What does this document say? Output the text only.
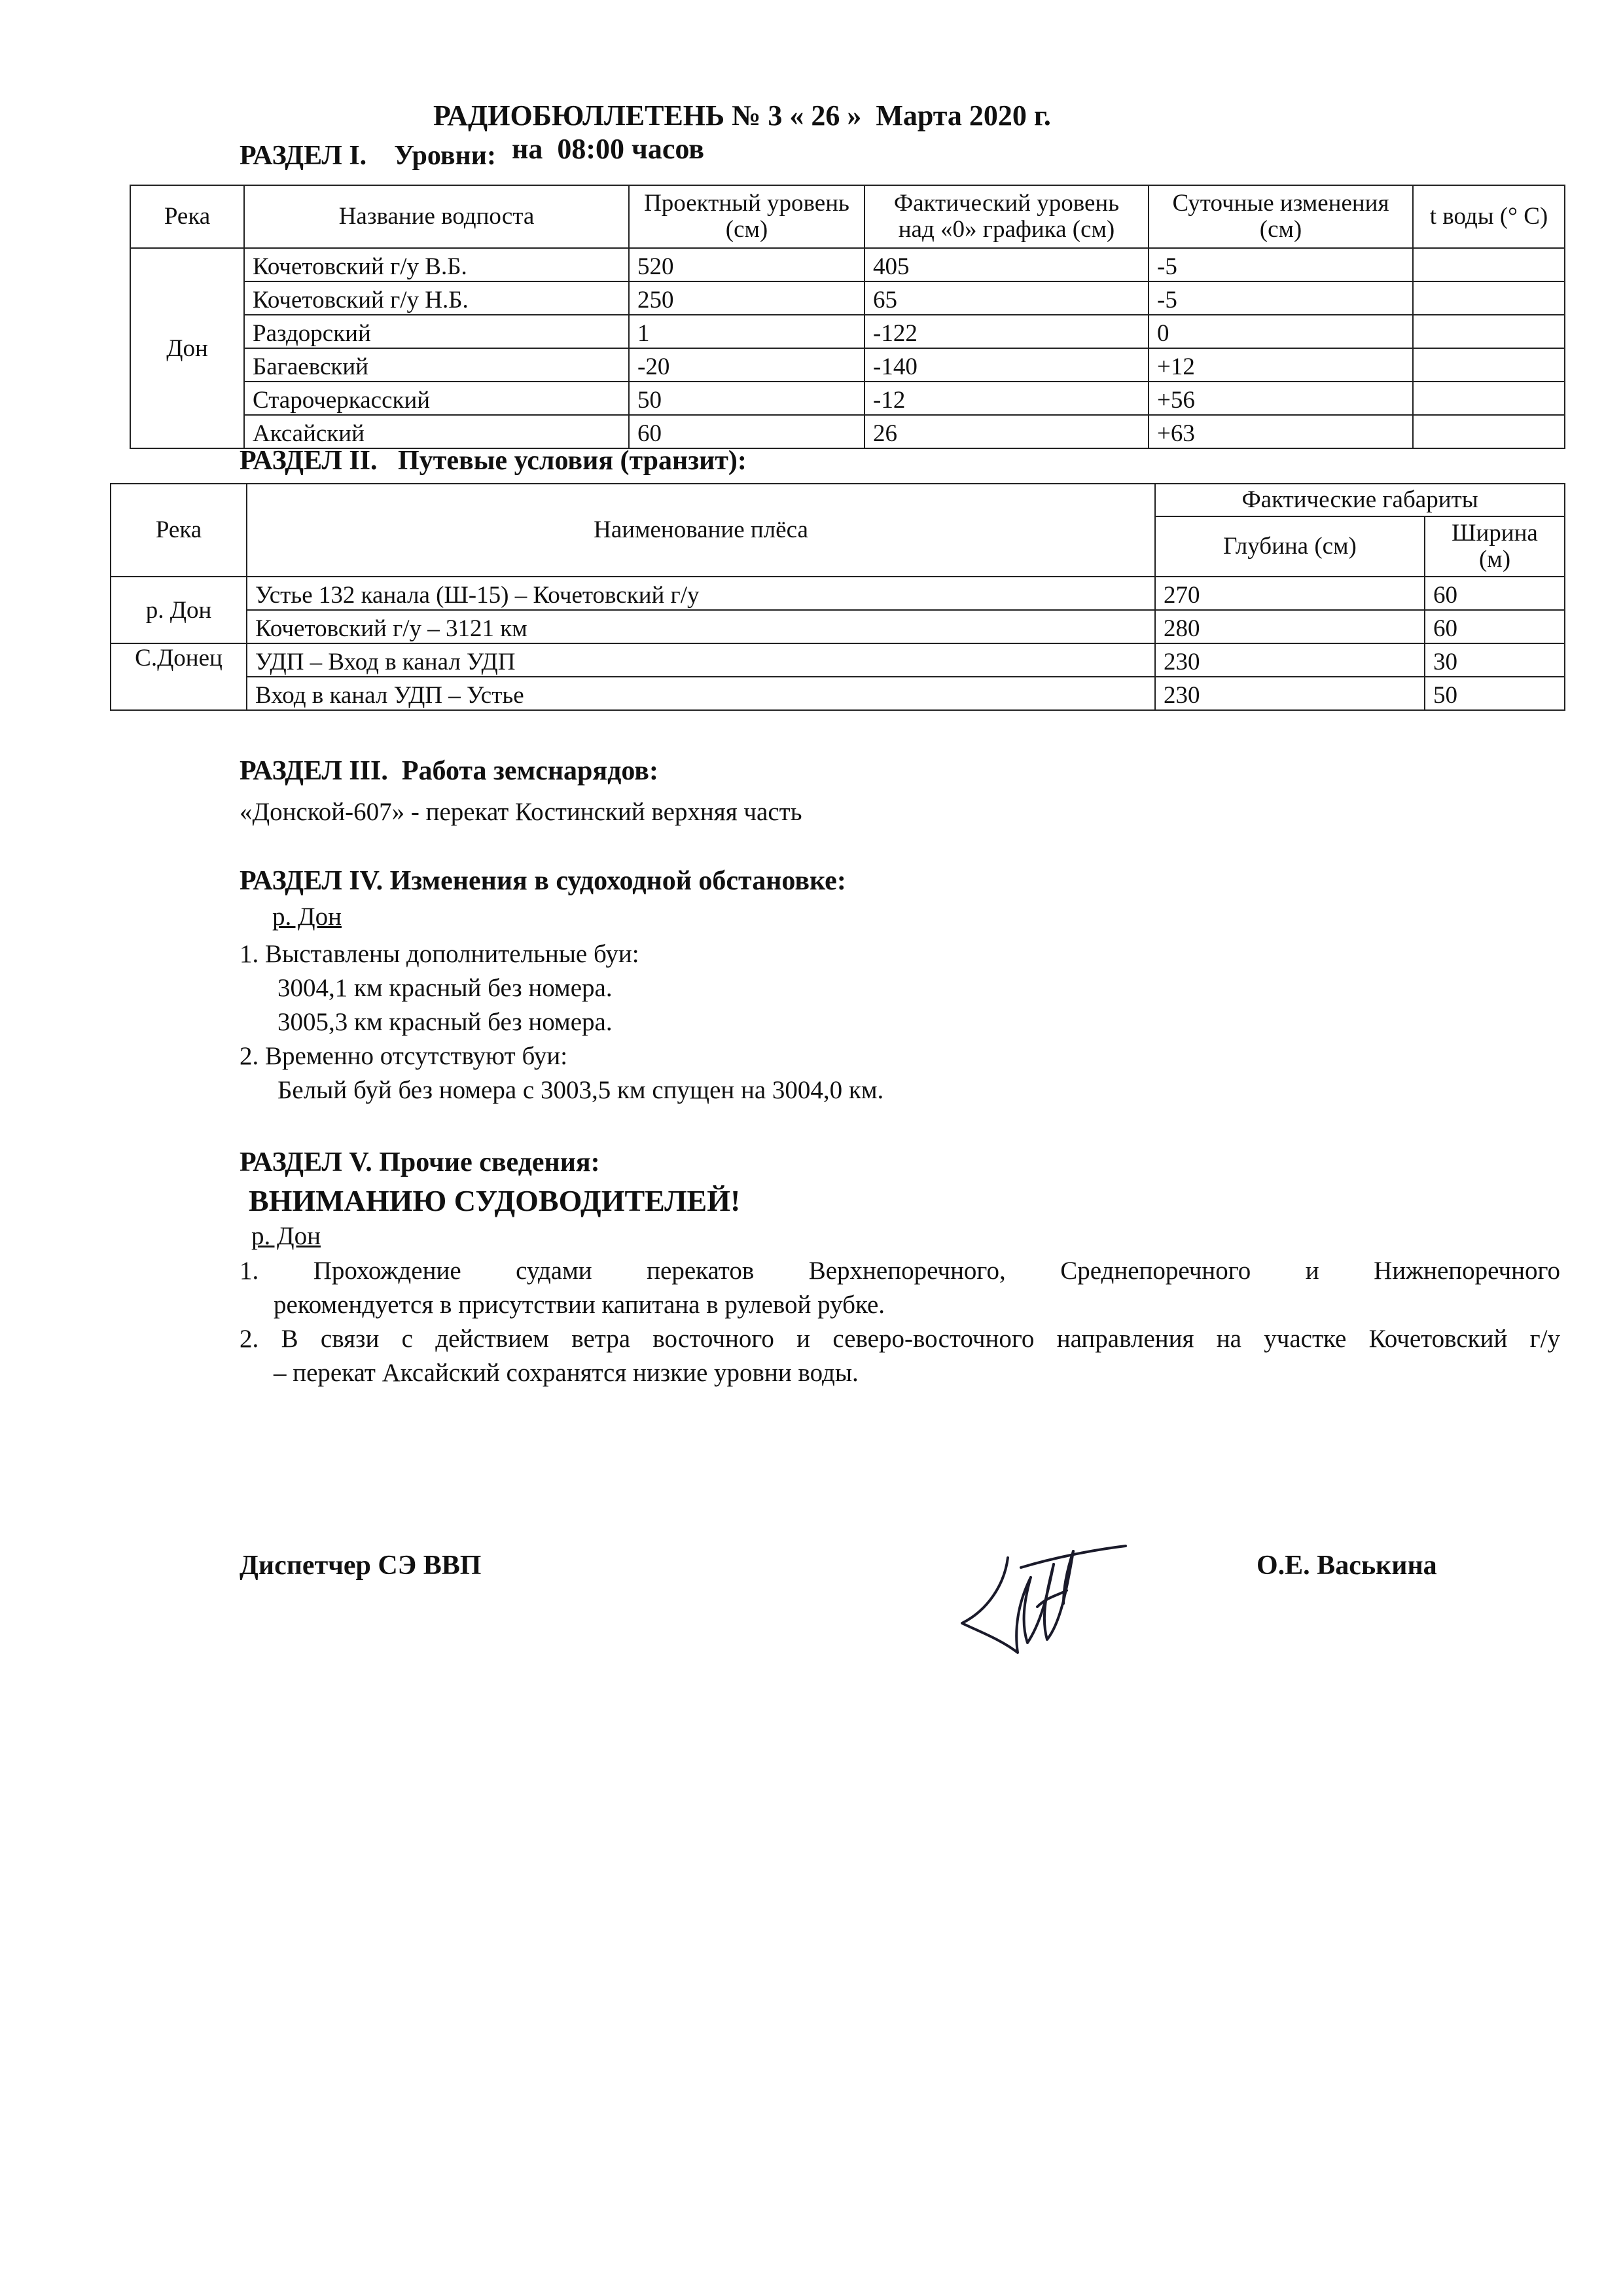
РАДИОБЮЛЛЕТЕНЬ № 3 « 26 »  Марта 2020 г.
на  08:00 часов

РАЗДЕЛ I.    Уровни:
Река	Название водпоста	Проектный уровень (см)	Фактический уровень над «0» графика (см)	Суточные изменения (см)	t воды (° С)
Дон	Кочетовский г/у В.Б.	520	405	-5	
	Кочетовский г/у Н.Б.	250	65	-5	
	Раздорский	1	-122	0	
	Багаевский	-20	-140	+12	
	Старочеркасский	50	-12	+56	
	Аксайский	60	26	+63	
РАЗДЕЛ II.   Путевые условия (транзит):
Река	Наименование плёса	Фактические габариты	
		Глубина (см)	Ширина (м)
р. Дон	Устье 132 канала (Ш-15) – Кочетовский г/у	270	60
	Кочетовский г/у – 3121 км	280	60
С.Донец	УДП – Вход в канал УДП	230	30
	Вход в канал УДП – Устье	230	50
РАЗДЕЛ III.  Работа земснарядов:
«Донской-607» - перекат Костинский верхняя часть
РАЗДЕЛ IV. Изменения в судоходной обстановке:
р. Дон
1. Выставлены дополнительные буи:
3004,1 км красный без номера.
3005,3 км красный без номера.
2. Временно отсутствуют буи:
Белый буй без номера с 3003,5 км спущен на 3004,0 км.
РАЗДЕЛ V. Прочие сведения:
ВНИМАНИЮ СУДОВОДИТЕЛЕЙ!
р. Дон
1. Прохождение судами перекатов Верхнепоречного, Среднепоречного и Нижнепоречного
рекомендуется в присутствии капитана в рулевой рубке.
2. В связи с действием ветра восточного и северо-восточного направления на участке Кочетовский г/у
– перекат Аксайский сохранятся низкие уровни воды.
Диспетчер СЭ ВВП	О.Е. Васькина
